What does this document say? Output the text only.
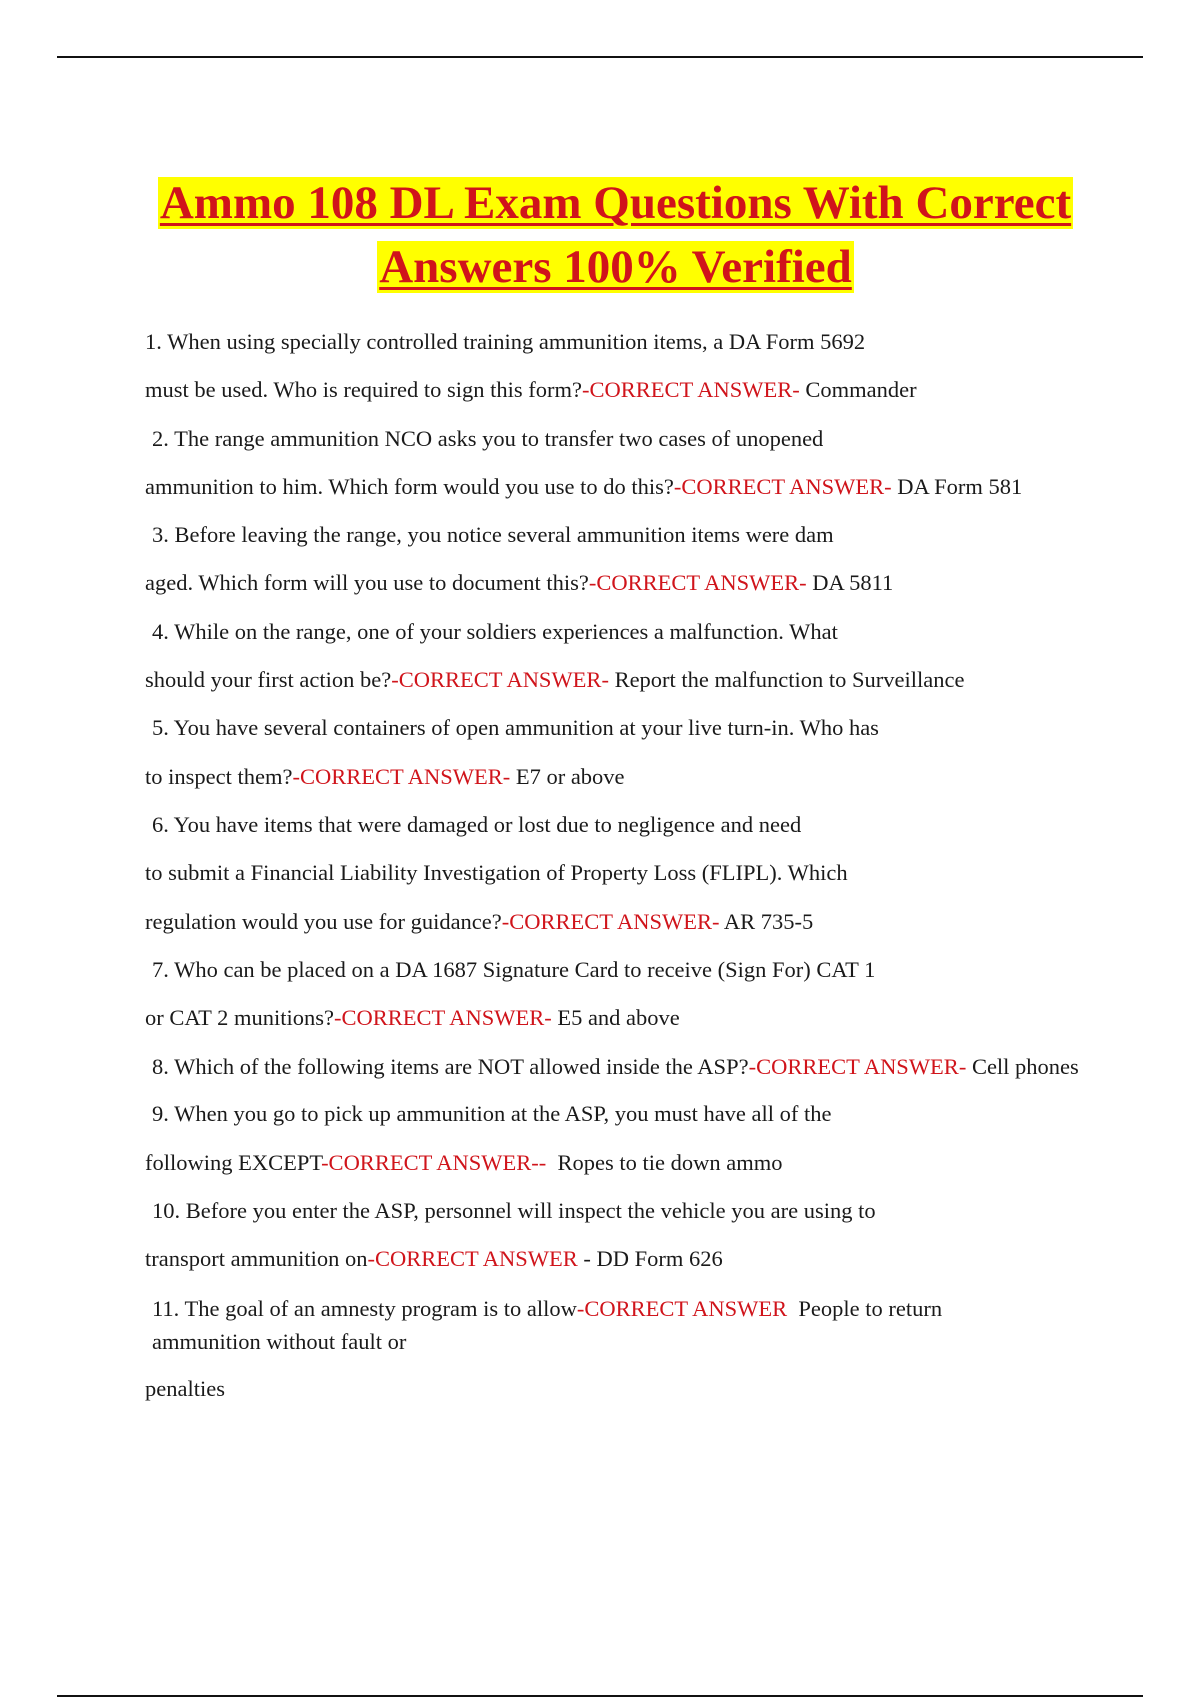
Ammo 108 DL Exam Questions With Correct
Answers 100% Verified
1. When using specially controlled training ammunition items, a DA Form 5692
must be used. Who is required to sign this form?-CORRECT ANSWER- Commander
2. The range ammunition NCO asks you to transfer two cases of unopened
ammunition to him. Which form would you use to do this?-CORRECT ANSWER- DA Form 581
3. Before leaving the range, you notice several ammunition items were dam
aged. Which form will you use to document this?-CORRECT ANSWER- DA 5811
4. While on the range, one of your soldiers experiences a malfunction. What
should your first action be?-CORRECT ANSWER- Report the malfunction to Surveillance
5. You have several containers of open ammunition at your live turn-in. Who has
to inspect them?-CORRECT ANSWER- E7 or above
6. You have items that were damaged or lost due to negligence and need
to submit a Financial Liability Investigation of Property Loss (FLIPL). Which
regulation would you use for guidance?-CORRECT ANSWER- AR 735-5
7. Who can be placed on a DA 1687 Signature Card to receive (Sign For) CAT 1
or CAT 2 munitions?-CORRECT ANSWER- E5 and above
8. Which of the following items are NOT allowed inside the ASP?-CORRECT ANSWER- Cell phones
9. When you go to pick up ammunition at the ASP, you must have all of the
following EXCEPT-CORRECT ANSWER--  Ropes to tie down ammo
10. Before you enter the ASP, personnel will inspect the vehicle you are using to
transport ammunition on-CORRECT ANSWER - DD Form 626
11. The goal of an amnesty program is to allow-CORRECT ANSWER  People to return ammunition without fault or
penalties
